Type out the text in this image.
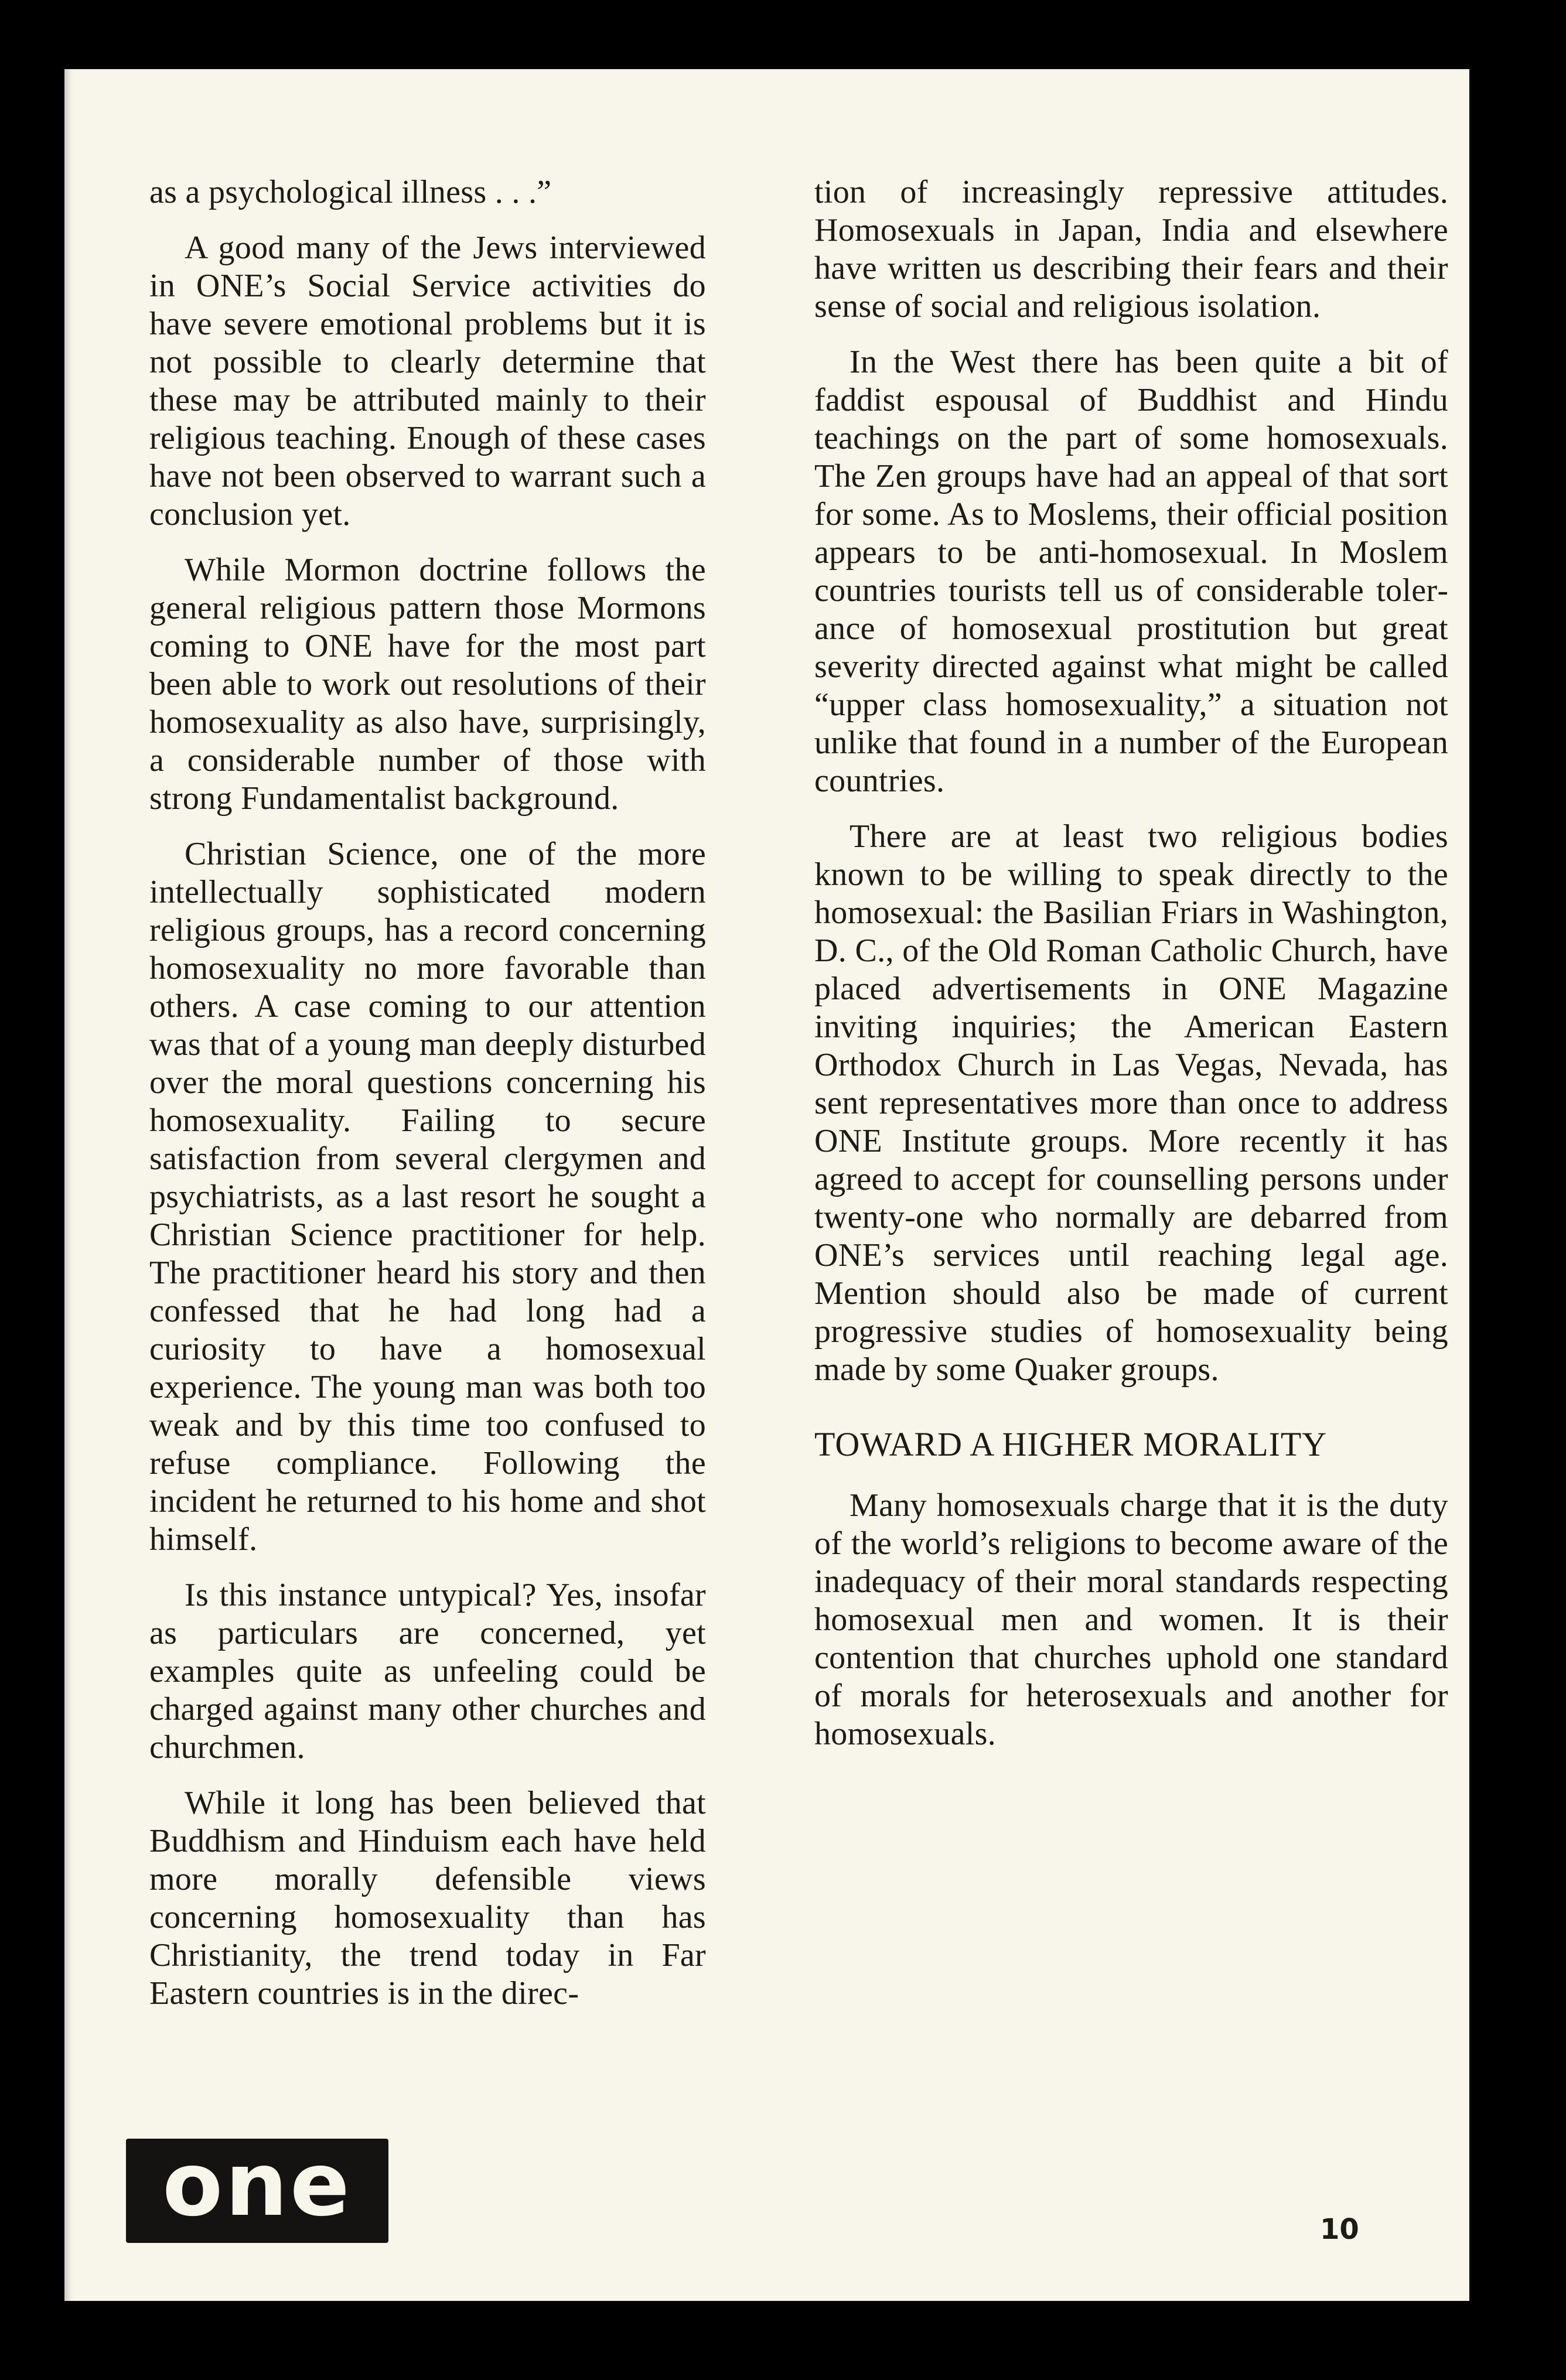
as a psychological illness . . .”

A good many of the Jews interviewed in ONE’s Social Service activities do have severe emotional problems but it is not possible to clearly determine that these may be attributed mainly to their religious teaching. Enough of these cases have not been observed to warrant such a conclusion yet.

While Mormon doctrine follows the general religious pattern those Mormons coming to ONE have for the most part been able to work out resolutions of their homosexuality as also have, surprisingly, a considerable number of those with strong Fundamentalist background.

Christian Science, one of the more intellectually sophisticated modern religious groups, has a record concerning homosexuality no more favorable than others. A case coming to our attention was that of a young man deeply disturbed over the moral questions concerning his homosexuality. Failing to secure satisfaction from several clergymen and psychiatrists, as a last resort he sought a Christian Science practitioner for help. The practitioner heard his story and then confessed that he had long had a curiosity to have a homosexual experience. The young man was both too weak and by this time too confused to refuse compliance. Following the incident he returned to his home and shot himself.

Is this instance untypical? Yes, insofar as particulars are concerned, yet examples quite as unfeeling could be charged against many other churches and churchmen.

While it long has been believed that Buddhism and Hinduism each have held more morally defensible views concerning homosexuality than has Christianity, the trend today in Far Eastern countries is in the direc-

tion of increasingly repressive attitudes. Homosexuals in Japan, India and elsewhere have written us describing their fears and their sense of social and religious isolation.

In the West there has been quite a bit of faddist espousal of Buddhist and Hindu teachings on the part of some homosexuals. The Zen groups have had an appeal of that sort for some. As to Moslems, their official position appears to be anti-homosexual. In Moslem countries tourists tell us of considerable tolerance of homosexual prostitution but great severity directed against what might be called “upper class homosexuality,” a situation not unlike that found in a number of the European countries.

There are at least two religious bodies known to be willing to speak directly to the homosexual: the Basilian Friars in Washington, D. C., of the Old Roman Catholic Church, have placed advertisements in ONE Magazine inviting inquiries; the American Eastern Orthodox Church in Las Vegas, Nevada, has sent representatives more than once to address ONE Institute groups. More recently it has agreed to accept for counselling persons under twenty-one who normally are debarred from ONE’s services until reaching legal age. Mention should also be made of current progressive studies of homosexuality being made by some Quaker groups.

TOWARD A HIGHER MORALITY

Many homosexuals charge that it is the duty of the world’s religions to become aware of the inadequacy of their moral standards respecting homosexual men and women. It is their contention that churches uphold one standard of morals for heterosexuals and another for homosexuals.

one	10
